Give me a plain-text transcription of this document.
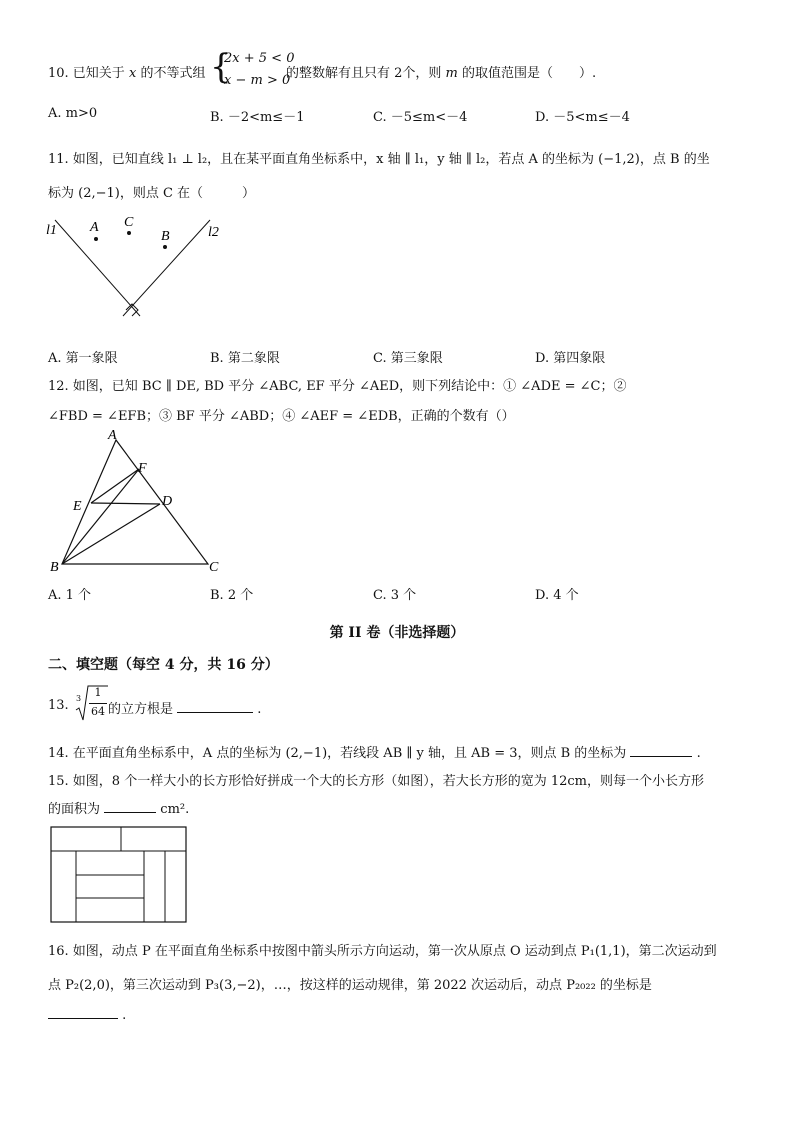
10. 已知关于 x 的不等式组 {
2x + 5 < 0
x − m > 0
的整数解有且只有 2个，则 m 的取值范围是（　　）.
A. m>0	B. －2<m≤－1	C. －5≤m<－4	D. －5<m≤－4
11. 如图，已知直线 l₁ ⊥ l₂，且在某平面直角坐标系中，x 轴 ∥ l₁，y 轴 ∥ l₂，若点 A 的坐标为 (−1,2)，点 B 的坐
标为 (2,−1)，则点 C 在（　　　）
l1	l2
A C
B
A. 第一象限	B. 第二象限	C. 第三象限	D. 第四象限
12. 如图，已知 BC ∥ DE, BD 平分 ∠ABC, EF 平分 ∠AED，则下列结论中：① ∠ADE = ∠C；②
∠FBD = ∠EFB；③ BF 平分 ∠ABD；④ ∠AEF = ∠EDB，正确的个数有（）
A
B	C
D
E
F
A. 1 个	B. 2 个	C. 3 个	D. 4 个
第 II 卷（非选择题）
二、填空题（每空 4 分，共 16 分）
13. 3	1
64 的立方根是	.
14. 在平面直角坐标系中，A 点的坐标为 (2,−1)，若线段 AB ∥ y 轴，且 AB = 3，则点 B 的坐标为	.
15. 如图，8 个一样大小的长方形恰好拼成一个大的长方形（如图），若大长方形的宽为 12cm，则每一个小长方形
的面积为	cm².
16. 如图，动点 P 在平面直角坐标系中按图中箭头所示方向运动，第一次从原点 O 运动到点 P₁(1,1)，第二次运动到
点 P₂(2,0)，第三次运动到 P₃(3,−2)，…，按这样的运动规律，第 2022 次运动后，动点 P₂₀₂₂ 的坐标是
.
